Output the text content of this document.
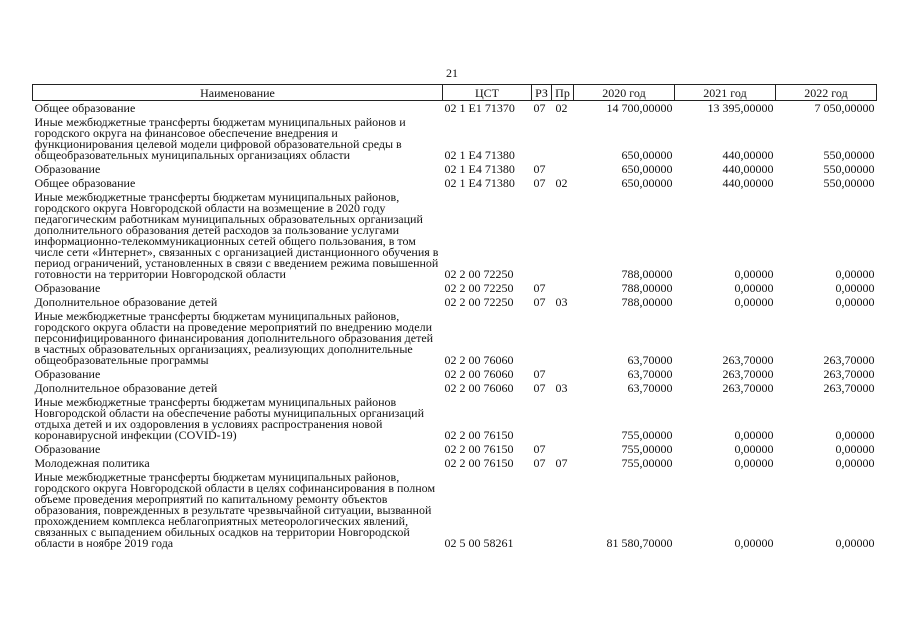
21
Наименование	ЦСТ	РЗ	Пр	2020 год	2021 год	2022 год
Общее образование	02 1 E1 71370	07	02	14 700,00000	13 395,00000	7 050,00000
Иные межбюджетные трансферты бюджетам муниципальных районов и городского округа на финансовое обеспечение внедрения и функционирования целевой модели цифровой образовательной среды в общеобразовательных муниципальных организациях области	02 1 E4 71380			650,00000	440,00000	550,00000
Образование	02 1 E4 71380	07		650,00000	440,00000	550,00000
Общее образование	02 1 E4 71380	07	02	650,00000	440,00000	550,00000
Иные межбюджетные трансферты бюджетам муниципальных районов, городского округа Новгородской области на возмещение в 2020 году педагогическим работникам муниципальных образовательных организаций дополнительного образования детей расходов за пользование услугами информационно-телекоммуникационных сетей общего пользования, в том числе сети «Интернет», связанных с организацией дистанционного обучения в период ограничений, установленных в связи с введением режима повышенной готовности на территории Новгородской области	02 2 00 72250			788,00000	0,00000	0,00000
Образование	02 2 00 72250	07		788,00000	0,00000	0,00000
Дополнительное образование детей	02 2 00 72250	07	03	788,00000	0,00000	0,00000
Иные межбюджетные трансферты бюджетам муниципальных районов, городского округа области на проведение мероприятий по внедрению модели персонифицированного финансирования дополнительного образования детей в частных образовательных организациях, реализующих дополнительные общеобразовательные программы	02 2 00 76060			63,70000	263,70000	263,70000
Образование	02 2 00 76060	07		63,70000	263,70000	263,70000
Дополнительное образование детей	02 2 00 76060	07	03	63,70000	263,70000	263,70000
Иные межбюджетные трансферты бюджетам муниципальных районов Новгородской области на обеспечение работы муниципальных организаций отдыха детей и их оздоровления в условиях распространения новой коронавирусной инфекции (COVID-19)	02 2 00 76150			755,00000	0,00000	0,00000
Образование	02 2 00 76150	07		755,00000	0,00000	0,00000
Молодежная политика	02 2 00 76150	07	07	755,00000	0,00000	0,00000
Иные межбюджетные трансферты бюджетам муниципальных районов, городского округа Новгородской области в целях софинансирования в полном объеме проведения мероприятий по капитальному ремонту объектов образования, поврежденных в результате чрезвычайной ситуации, вызванной прохождением комплекса неблагоприятных метеорологических явлений, связанных с выпадением обильных осадков на территории Новгородской области в ноябре 2019 года	02 5 00 58261			81 580,70000	0,00000	0,00000
